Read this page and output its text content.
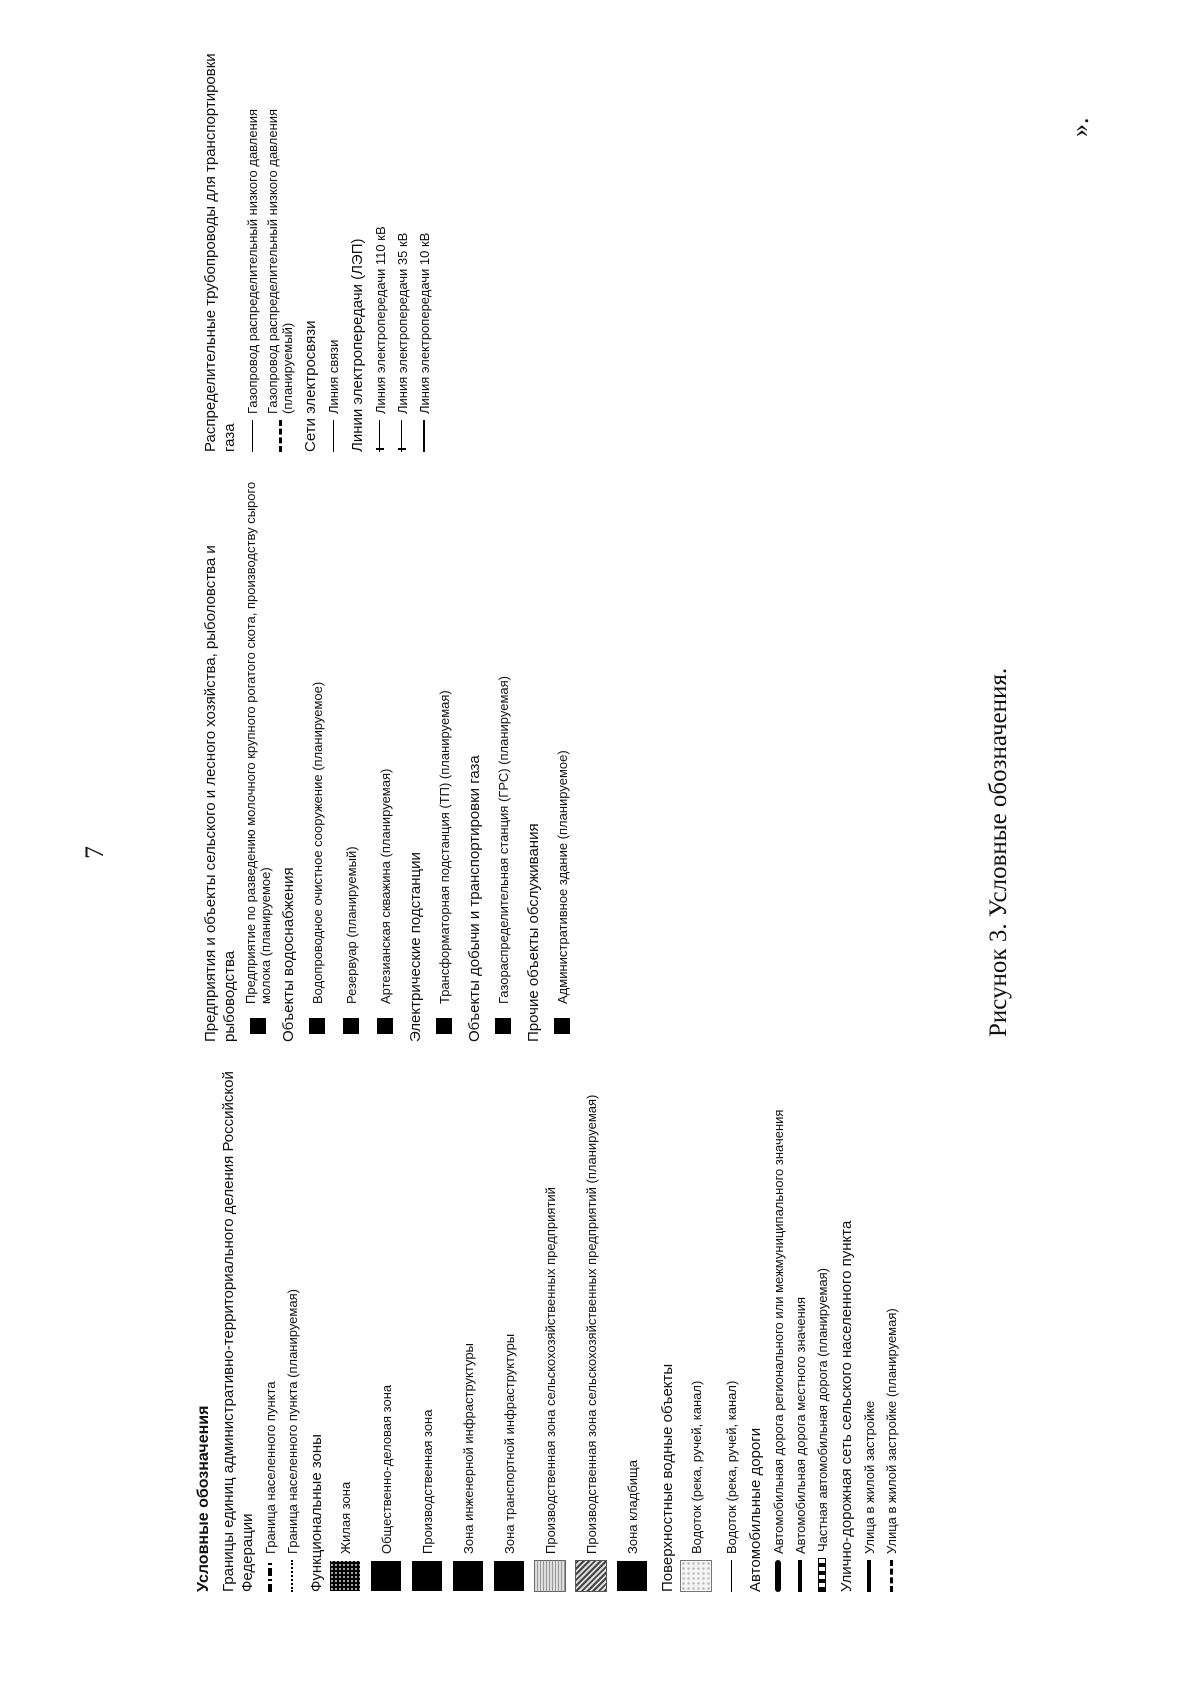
7
Условные обозначения Границы единиц административно-территориального деления Российской Федерации Граница населенного пункта Граница населенного пункта (планируемая) Функциональные зоны Жилая зона Общественно-деловая зона Производственная зона Зона инженерной инфраструктуры Зона транспортной инфраструктуры Производственная зона сельскохозяйственных предприятий Производственная зона сельскохозяйственных предприятий (планируемая) Зона кладбища Поверхностные водные объекты Водоток (река, ручей, канал) Водоток (река, ручей, канал) Автомобильные дороги Автомобильная дорога регионального или межмуниципального значения Автомобильная дорога местного значения Частная автомобильная дорога (планируемая) Улично-дорожная сеть сельского населенного пункта Улица в жилой застройке Улица в жилой застройке (планируемая)
Предприятия и объекты сельского и лесного хозяйства, рыболовства и рыбоводства Предприятие по разведению молочного крупного рогатого скота, производству сырого молока (планируемое) Объекты водоснабжения Водопроводное очистное сооружение (планируемое) Резервуар (планируемый) Артезианская скважина (планируемая) Электрические подстанции Трансформаторная подстанция (ТП) (планируемая) Объекты добычи и транспортировки газа Газораспределительная станция (ГРС) (планируемая) Прочие объекты обслуживания Административное здание (планируемое)
Распределительные трубопроводы для транспортировки газа
Газопровод распределительный низкого давления Газопровод распределительный низкого давления (планируемый) Сети электросвязи Линия связи Линии электропередачи (ЛЭП) Линия электропередачи 110 кВ Линия электропередачи 35 кВ Линия электропередачи 10 кВ
Рисунок 3. Условные обозначения.
».
